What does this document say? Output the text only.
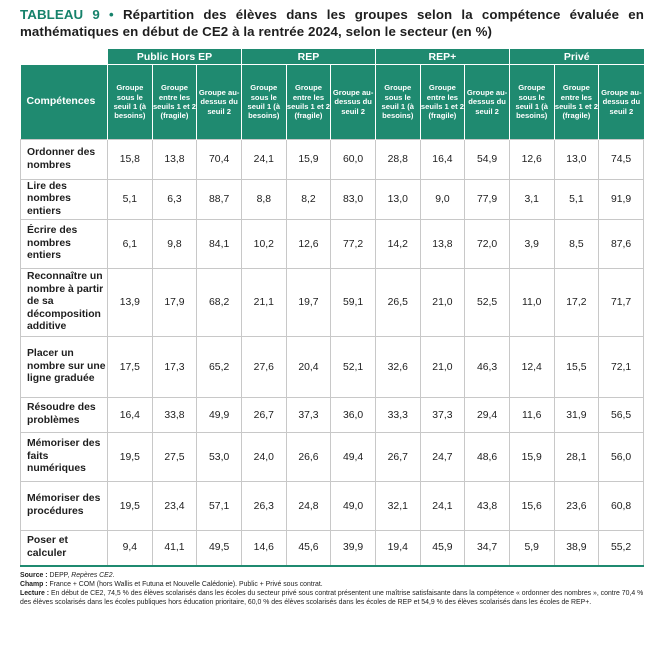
TABLEAU 9 • Répartition des élèves dans les groupes selon la compétence évaluée en mathématiques en début de CE2 à la rentrée 2024, selon le secteur (en %)

	Public Hors EP			REP			REP+			Privé		
Compétences	Groupe sous le seuil 1 (à besoins)	Groupe entre les seuils 1 et 2 (fragile)	Groupe au-dessus du seuil 2	Groupe sous le seuil 1 (à besoins)	Groupe entre les seuils 1 et 2 (fragile)	Groupe au-dessus du seuil 2	Groupe sous le seuil 1 (à besoins)	Groupe entre les seuils 1 et 2 (fragile)	Groupe au-dessus du seuil 2	Groupe sous le seuil 1 (à besoins)	Groupe entre les seuils 1 et 2 (fragile)	Groupe au-dessus du seuil 2
Ordonner des nombres	15,8	13,8	70,4	24,1	15,9	60,0	28,8	16,4	54,9	12,6	13,0	74,5
Lire des nombres entiers	5,1	6,3	88,7	8,8	8,2	83,0	13,0	9,0	77,9	3,1	5,1	91,9
Écrire des nombres entiers	6,1	9,8	84,1	10,2	12,6	77,2	14,2	13,8	72,0	3,9	8,5	87,6
Reconnaître un nombre à partir de sa décomposition additive	13,9	17,9	68,2	21,1	19,7	59,1	26,5	21,0	52,5	11,0	17,2	71,7
Placer un nombre sur une ligne graduée	17,5	17,3	65,2	27,6	20,4	52,1	32,6	21,0	46,3	12,4	15,5	72,1
Résoudre des problèmes	16,4	33,8	49,9	26,7	37,3	36,0	33,3	37,3	29,4	11,6	31,9	56,5
Mémoriser des faits numériques	19,5	27,5	53,0	24,0	26,6	49,4	26,7	24,7	48,6	15,9	28,1	56,0
Mémoriser des procédures	19,5	23,4	57,1	26,3	24,8	49,0	32,1	24,1	43,8	15,6	23,6	60,8
Poser et calculer	9,4	41,1	49,5	14,6	45,6	39,9	19,4	45,9	34,7	5,9	38,9	55,2
Source : DEPP, Repères CE2.
Champ : France + COM (hors Wallis et Futuna et Nouvelle Calédonie). Public + Privé sous contrat.
Lecture : En début de CE2, 74,5 % des élèves scolarisés dans les écoles du secteur privé sous contrat présentent une maîtrise satisfaisante dans la compétence « ordonner des nombres », contre 70,4 % des élèves scolarisés dans les écoles publiques hors éducation prioritaire, 60,0 % des élèves scolarisés dans les écoles de REP et 54,9 % des élèves scolarisés dans les écoles de REP+.
